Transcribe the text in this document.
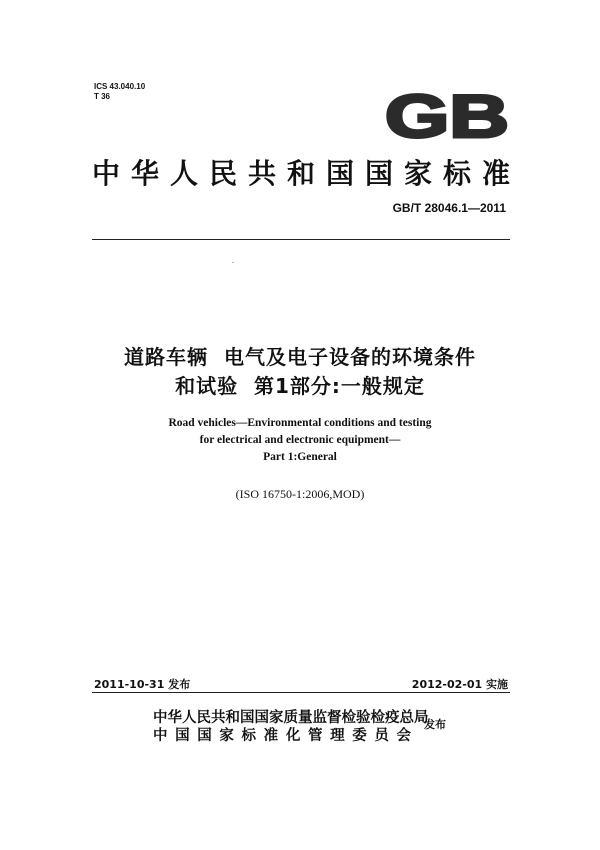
ICS 43.040.10
T 36	GB
中华人民共和国国家标准
GB/T 28046.1—2011
道路车辆  电气及电子设备的环境条件
和试验  第1部分:一般规定
Road vehicles—Environmental conditions and testing
for electrical and electronic equipment—
Part 1:General
(ISO 16750-1:2006,MOD)
2011-10-31 发布	2012-02-01 实施
中华人民共和国国家质量监督检验检疫总局
中国国家标准化管理委员会
发布
